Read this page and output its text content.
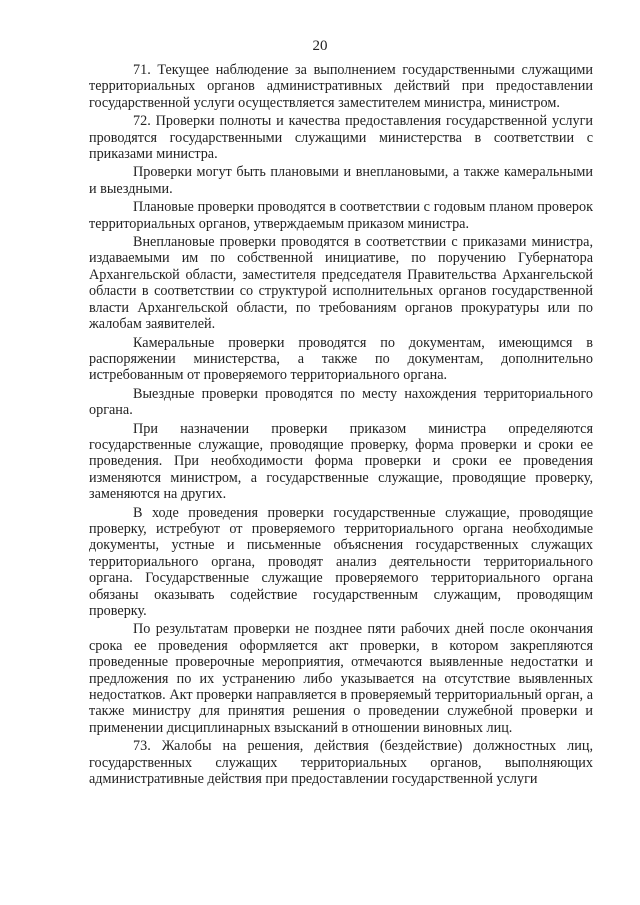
20

71. Текущее наблюдение за выполнением государственными служащими территориальных органов административных действий при предоставлении государственной услуги осуществляется заместителем министра, министром.

72. Проверки полноты и качества предоставления государственной услуги проводятся государственными служащими министерства в соответствии с приказами министра.

Проверки могут быть плановыми и внеплановыми, а также камеральными и выездными.

Плановые проверки проводятся в соответствии с годовым планом проверок территориальных органов, утверждаемым приказом министра.

Внеплановые проверки проводятся в соответствии с приказами министра, издаваемыми им по собственной инициативе, по поручению Губернатора Архангельской области, заместителя председателя Правительства Архангельской области в соответствии со структурой исполнительных органов государственной власти Архангельской области, по требованиям органов прокуратуры или по жалобам заявителей.

Камеральные проверки проводятся по документам, имеющимся в распоряжении министерства, а также по документам, дополнительно истребованным от проверяемого территориального органа.

Выездные проверки проводятся по месту нахождения территориального органа.

При назначении проверки приказом министра определяются государственные служащие, проводящие проверку, форма проверки и сроки ее проведения. При необходимости форма проверки и сроки ее проведения изменяются министром, а государственные служащие, проводящие проверку, заменяются на других.

В ходе проведения проверки государственные служащие, проводящие проверку, истребуют от проверяемого территориального органа необходимые документы, устные и письменные объяснения государственных служащих территориального органа, проводят анализ деятельности территориального органа. Государственные служащие проверяемого территориального органа обязаны оказывать содействие государственным служащим, проводящим проверку.

По результатам проверки не позднее пяти рабочих дней после окончания срока ее проведения оформляется акт проверки, в котором закрепляются проведенные проверочные мероприятия, отмечаются выявленные недостатки и предложения по их устранению либо указывается на отсутствие выявленных недостатков. Акт проверки направляется в проверяемый территориальный орган, а также министру для принятия решения о проведении служебной проверки и применении дисциплинарных взысканий в отношении виновных лиц.

73. Жалобы на решения, действия (бездействие) должностных лиц, государственных служащих территориальных органов, выполняющих административные действия при предоставлении государственной услуги
